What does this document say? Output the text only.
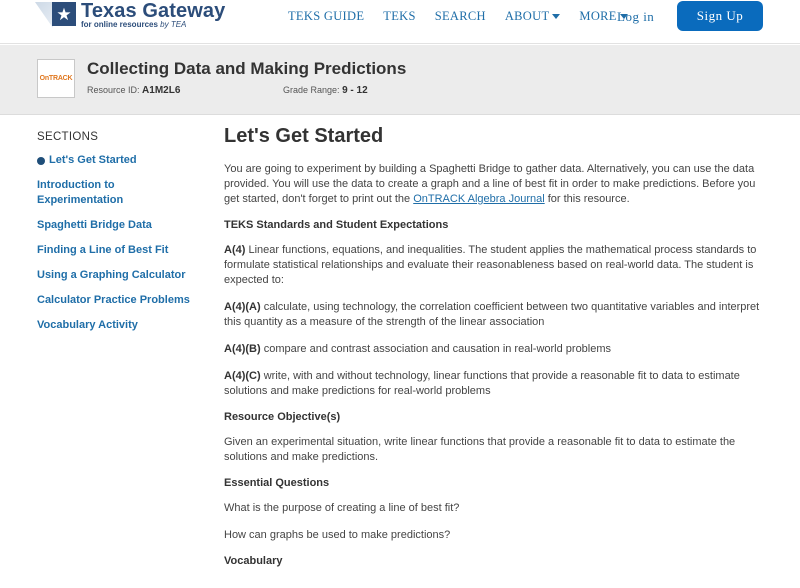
★ Texas Gateway
for online resources by TEA
TEKS GUIDE TEKS SEARCH ABOUT MORE Log in	Sign Up
OnTRACK
Collecting Data and Making Predictions
Resource ID: A1M2L6	Grade Range: 9 - 12
SECTIONS
Let's Get Started
Introduction to Experimentation
Spaghetti Bridge Data
Finding a Line of Best Fit
Using a Graphing Calculator
Calculator Practice Problems
Vocabulary Activity
Let's Get Started
You are going to experiment by building a Spaghetti Bridge to gather data. Alternatively, you can use the data provided. You will use the data to create a graph and a line of best fit in order to make predictions. Before you get started, don't forget to print out the OnTRACK Algebra Journal for this resource.
TEKS Standards and Student Expectations
A(4) Linear functions, equations, and inequalities. The student applies the mathematical process standards to formulate statistical relationships and evaluate their reasonableness based on real-world data. The student is expected to:
A(4)(A) calculate, using technology, the correlation coefficient between two quantitative variables and interpret this quantity as a measure of the strength of the linear association
A(4)(B) compare and contrast association and causation in real-world problems
A(4)(C) write, with and without technology, linear functions that provide a reasonable fit to data to estimate solutions and make predictions for real-world problems
Resource Objective(s)
Given an experimental situation, write linear functions that provide a reasonable fit to data to estimate the solutions and make predictions.
Essential Questions
What is the purpose of creating a line of best fit?
How can graphs be used to make predictions?
Vocabulary
